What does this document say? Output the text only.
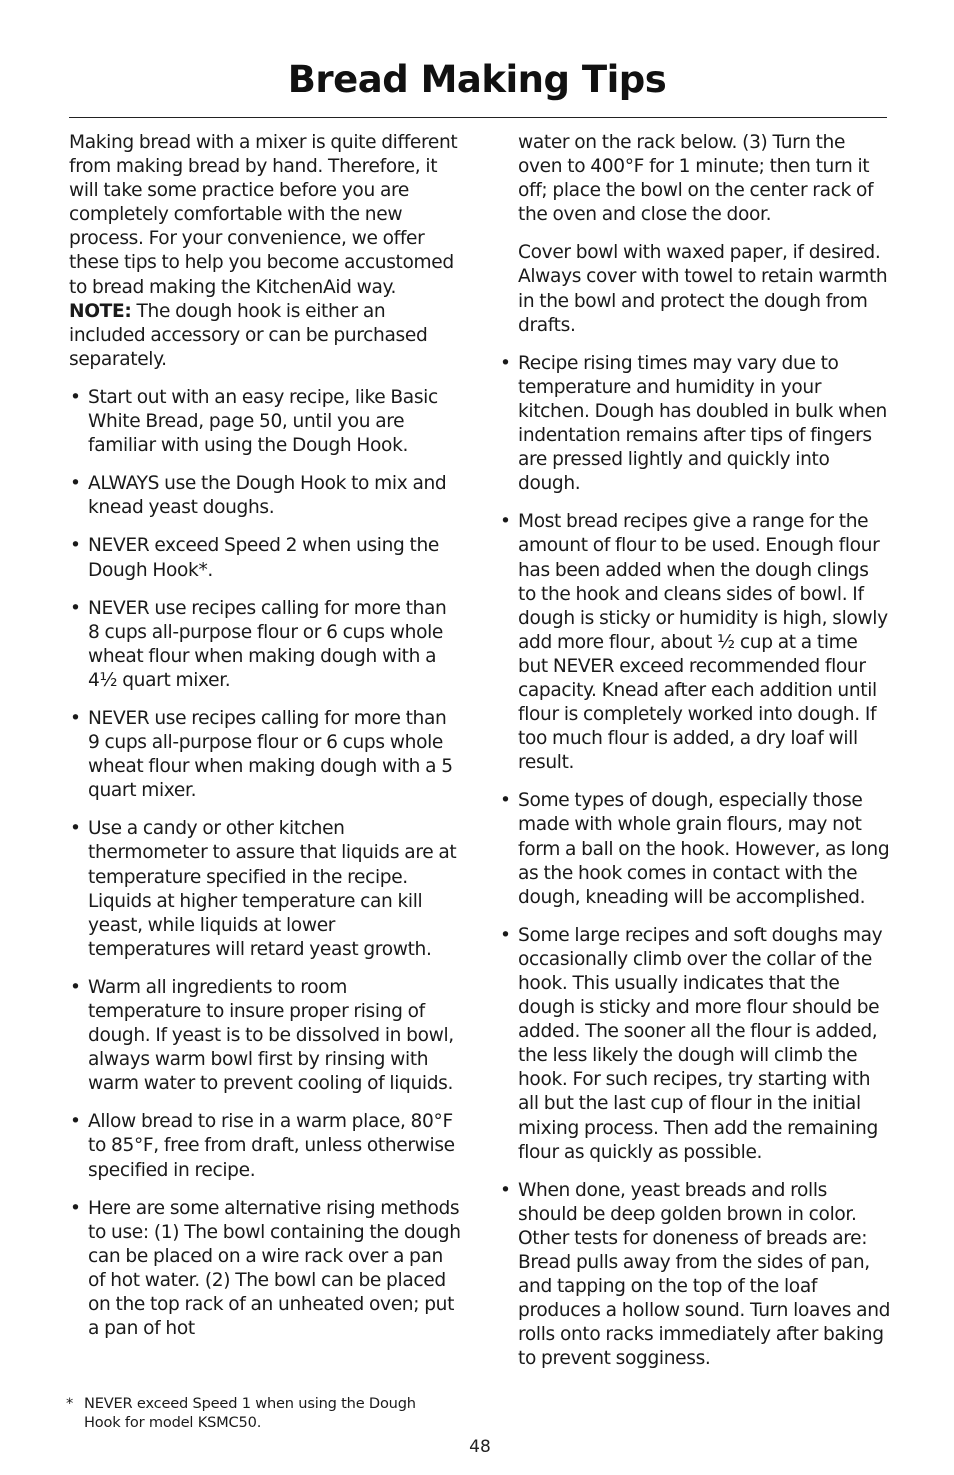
Bread Making Tips

Making bread with a mixer is quite different from making bread by hand. Therefore, it will take some practice before you are completely comfortable with the new process. For your convenience, we offer these tips to help you become accustomed to bread making the KitchenAid way.
NOTE: The dough hook is either an included accessory or can be purchased separately.

• Start out with an easy recipe, like Basic White Bread, page 50, until you are familiar with using the Dough Hook.
• ALWAYS use the Dough Hook to mix and knead yeast doughs.
• NEVER exceed Speed 2 when using the Dough Hook*.
• NEVER use recipes calling for more than 8 cups all-purpose flour or 6 cups whole wheat flour when making dough with a 4½ quart mixer.
• NEVER use recipes calling for more than 9 cups all-purpose flour or 6 cups whole wheat flour when making dough with a 5 quart mixer.
• Use a candy or other kitchen thermometer to assure that liquids are at temperature specified in the recipe. Liquids at higher temperature can kill yeast, while liquids at lower temperatures will retard yeast growth.
• Warm all ingredients to room temperature to insure proper rising of dough. If yeast is to be dissolved in bowl, always warm bowl first by rinsing with warm water to prevent cooling of liquids.
• Allow bread to rise in a warm place, 80°F to 85°F, free from draft, unless otherwise specified in recipe.
• Here are some alternative rising methods to use: (1) The bowl containing the dough can be placed on a wire rack over a pan of hot water. (2) The bowl can be placed on the top rack of an unheated oven; put a pan of hot

water on the rack below. (3) Turn the oven to 400°F for 1 minute; then turn it off; place the bowl on the center rack of the oven and close the door.

Cover bowl with waxed paper, if desired. Always cover with towel to retain warmth in the bowl and protect the dough from drafts.

• Recipe rising times may vary due to temperature and humidity in your kitchen. Dough has doubled in bulk when indentation remains after tips of fingers are pressed lightly and quickly into dough.
• Most bread recipes give a range for the amount of flour to be used. Enough flour has been added when the dough clings to the hook and cleans sides of bowl. If dough is sticky or humidity is high, slowly add more flour, about ½ cup at a time but NEVER exceed recommended flour capacity. Knead after each addition until flour is completely worked into dough. If too much flour is added, a dry loaf will result.
• Some types of dough, especially those made with whole grain flours, may not form a ball on the hook. However, as long as the hook comes in contact with the dough, kneading will be accomplished.
• Some large recipes and soft doughs may occasionally climb over the collar of the hook. This usually indicates that the dough is sticky and more flour should be added. The sooner all the flour is added, the less likely the dough will climb the hook. For such recipes, try starting with all but the last cup of flour in the initial mixing process. Then add the remaining flour as quickly as possible.
• When done, yeast breads and rolls should be deep golden brown in color. Other tests for doneness of breads are: Bread pulls away from the sides of pan, and tapping on the top of the loaf produces a hollow sound. Turn loaves and rolls onto racks immediately after baking to prevent sogginess.
* NEVER exceed Speed 1 when using the Dough Hook for model KSMC50.
48
